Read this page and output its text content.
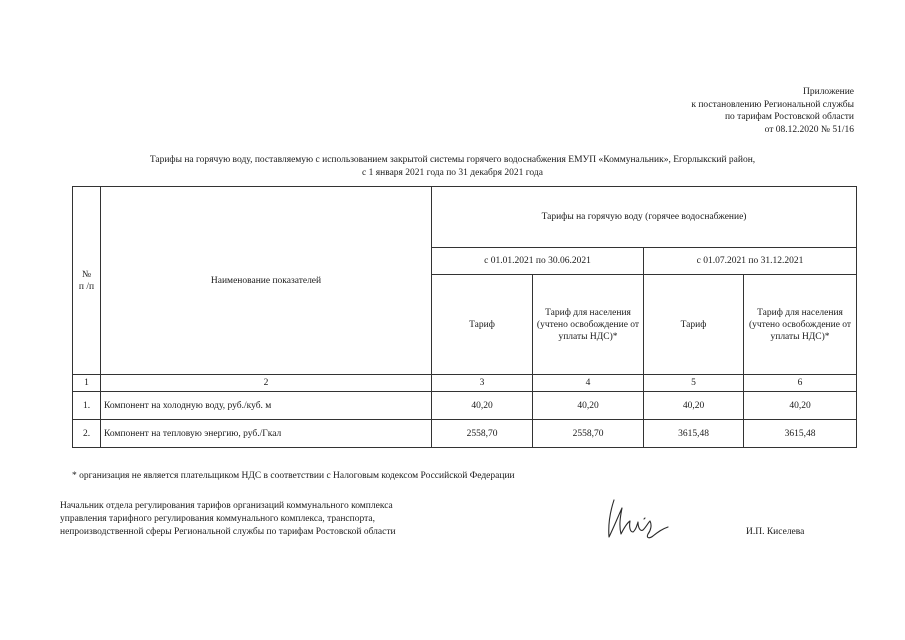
Приложение
к постановлению Региональной службы
по тарифам Ростовской области
от 08.12.2020 № 51/16
Тарифы на горячую воду, поставляемую с использованием закрытой системы горячего водоснабжения ЕМУП «Коммунальник», Егорлыкский район,
с 1 января 2021 года по 31 декабря 2021 года
№
п /п	Наименование показателей	Тарифы на горячую воду (горячее водоснабжение)			
		с 01.01.2021 по 30.06.2021		с 01.07.2021 по 31.12.2021	
		Тариф	Тариф для населения (учтено освобождение от уплаты НДС)*	Тариф	Тариф для населения (учтено освобождение от уплаты НДС)*
1	2	3	4	5	6
1.	Компонент на холодную воду, руб./куб. м	40,20	40,20	40,20	40,20
2.	Компонент на тепловую энергию, руб./Гкал	2558,70	2558,70	3615,48	3615,48
* организация не является плательщиком НДС в соответствии с Налоговым кодексом Российской Федерации
Начальник отдела регулирования тарифов организаций коммунального комплекса
управления тарифного регулирования коммунального комплекса, транспорта,
непроизводственной сферы Региональной службы по тарифам Ростовской области	И.П. Киселева
